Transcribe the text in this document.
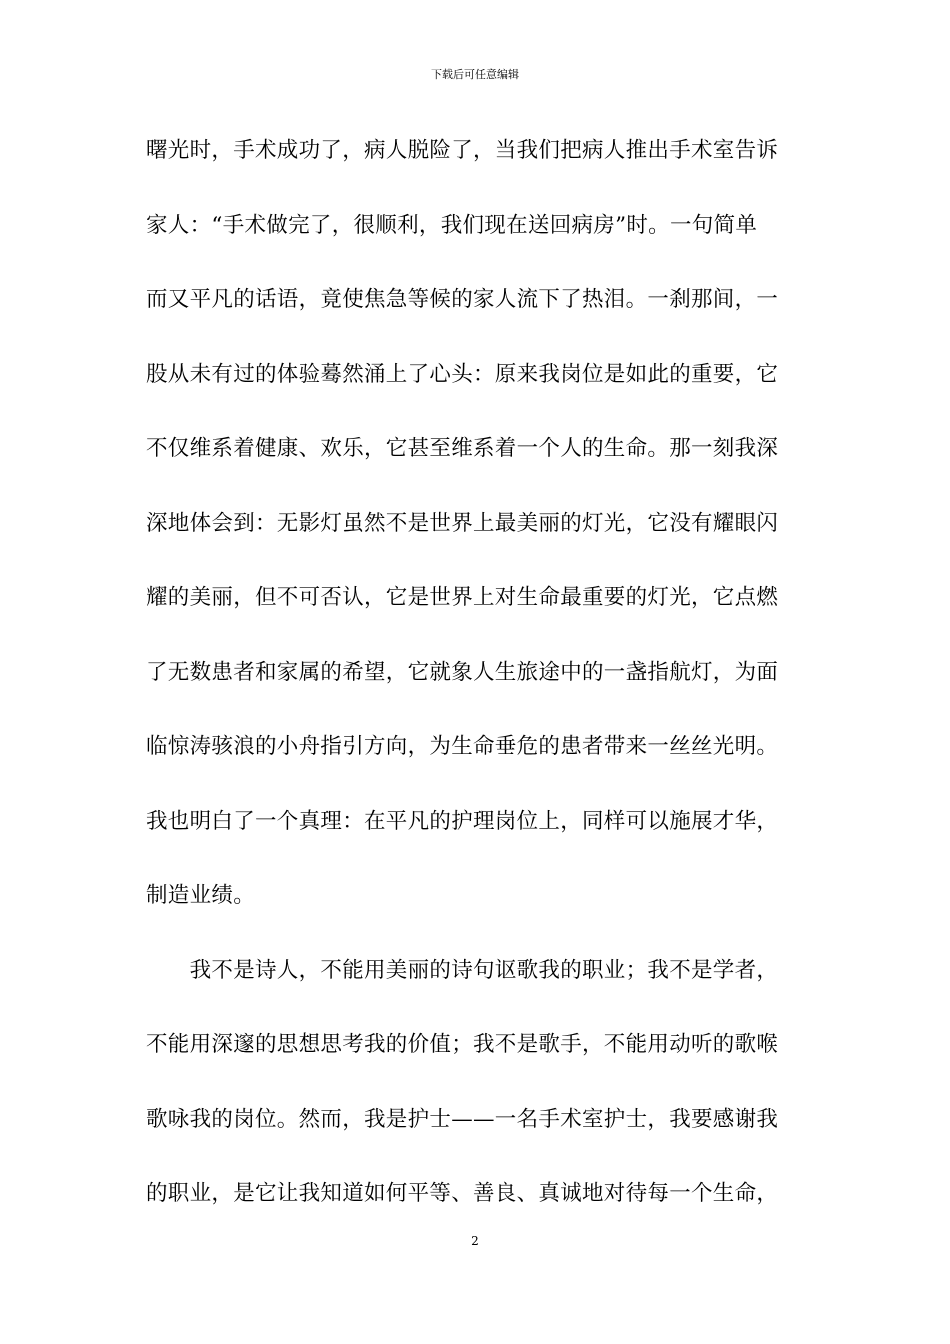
下载后可任意编辑
曙光时，手术成功了，病人脱险了，当我们把病人推出手术室告诉
家人：“手术做完了，很顺利，我们现在送回病房”时。一句简单
而又平凡的话语，竟使焦急等候的家人流下了热泪。一刹那间，一
股从未有过的体验蓦然涌上了心头：原来我岗位是如此的重要，它
不仅维系着健康、欢乐，它甚至维系着一个人的生命。那一刻我深
深地体会到：无影灯虽然不是世界上最美丽的灯光，它没有耀眼闪
耀的美丽，但不可否认，它是世界上对生命最重要的灯光，它点燃
了无数患者和家属的希望，它就象人生旅途中的一盏指航灯，为面
临惊涛骇浪的小舟指引方向，为生命垂危的患者带来一丝丝光明。
我也明白了一个真理：在平凡的护理岗位上，同样可以施展才华，
制造业绩。
　　我不是诗人，不能用美丽的诗句讴歌我的职业；我不是学者，
不能用深邃的思想思考我的价值；我不是歌手，不能用动听的歌喉
歌咏我的岗位。然而，我是护士——一名手术室护士，我要感谢我
的职业，是它让我知道如何平等、善良、真诚地对待每一个生命，
2
